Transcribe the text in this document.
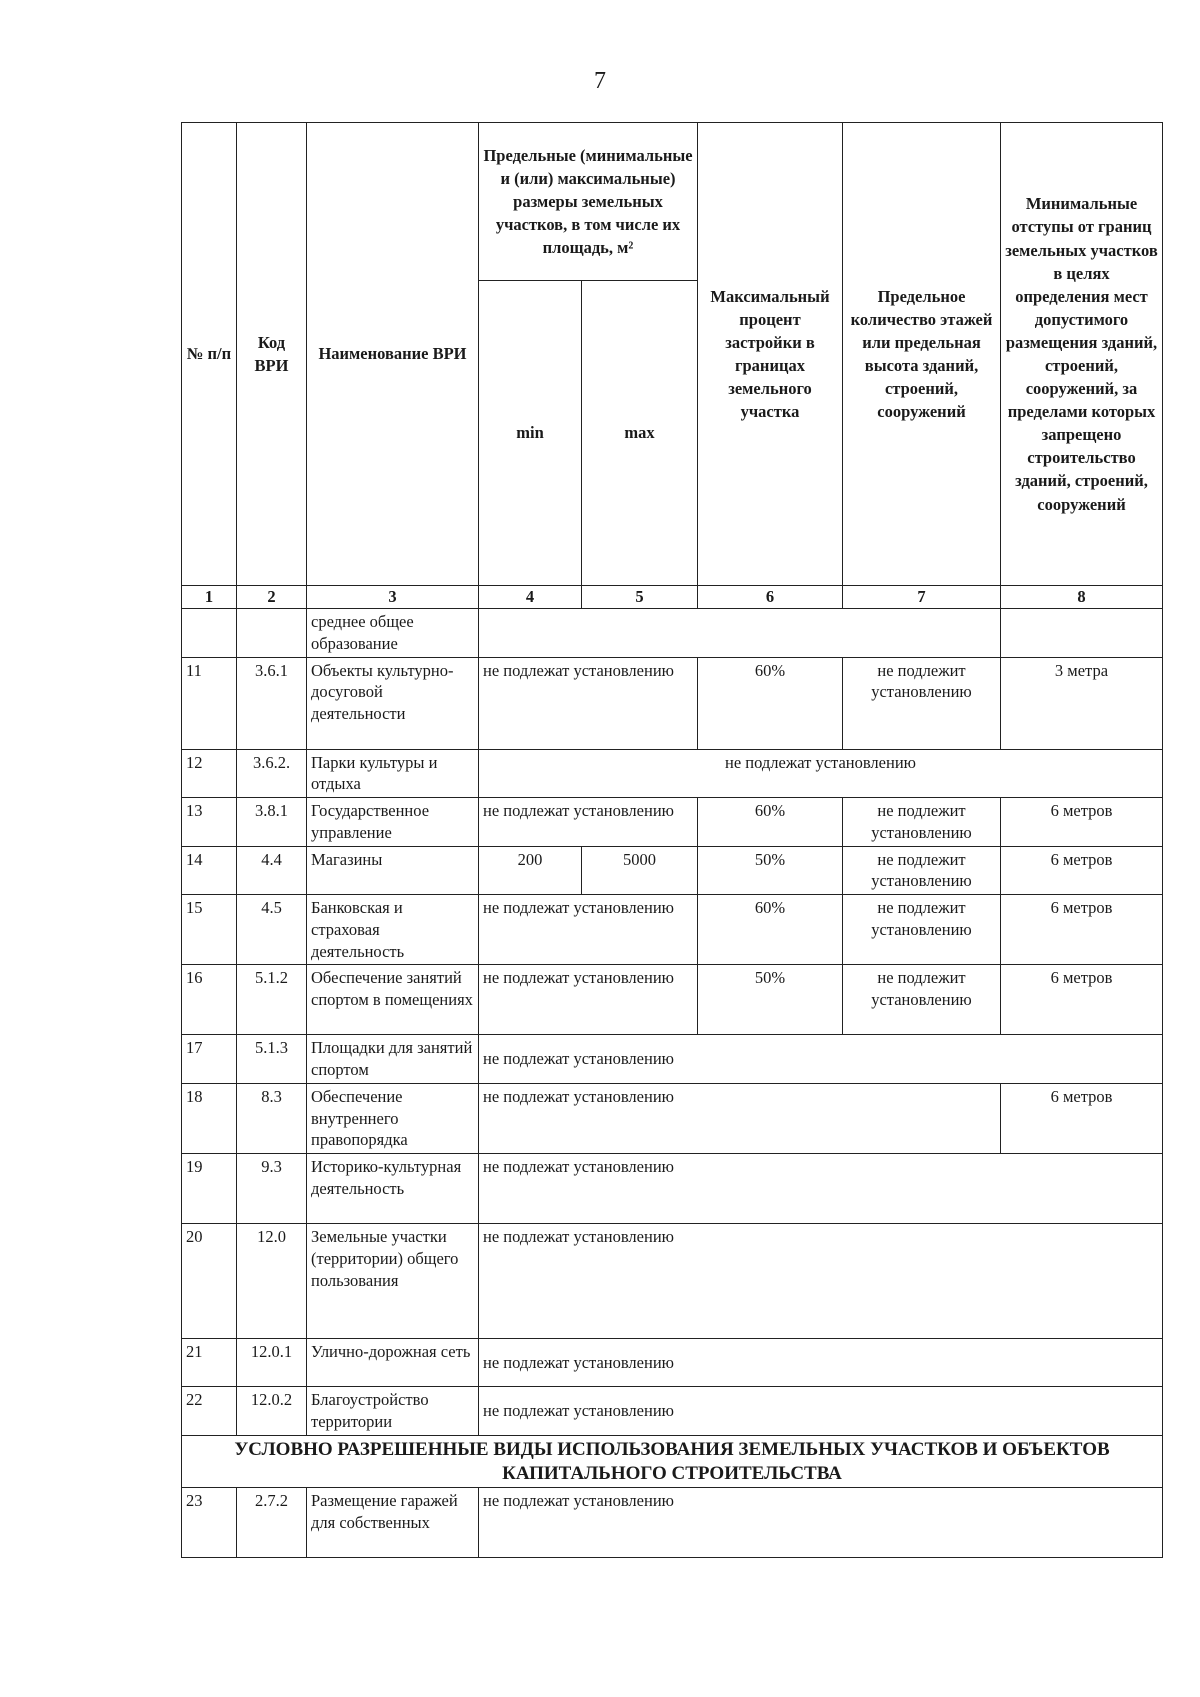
7
№ п/п	Код ВРИ	Наименование ВРИ	Предельные (минимальные и (или) максимальные) размеры земельных участков, в том числе их площадь, м²		Максимальный процент застройки в границах земельного участка	Предельное количество этажей или предельная высота зданий, строений, сооружений	Минимальные отступы от границ земельных участков в целях определения мест допустимого размещения зданий, строений, сооружений, за пределами которых запрещено строительство зданий, строений, сооружений
			min	max			
1	2	3	4	5	6	7	8
		среднее общее образование					
11	3.6.1	Объекты культурно-досуговой деятельности	не подлежат установлению		60%	не подлежит установлению	3 метра
12	3.6.2.	Парки культуры и отдыха	не подлежат установлению				
13	3.8.1	Государственное управление	не подлежат установлению		60%	не подлежит установлению	6 метров
14	4.4	Магазины	200	5000	50%	не подлежит установлению	6 метров
15	4.5	Банковская и страховая деятельность	не подлежат установлению		60%	не подлежит установлению	6 метров
16	5.1.2	Обеспечение занятий спортом в помещениях	не подлежат установлению		50%	не подлежит установлению	6 метров
17	5.1.3	Площадки для занятий спортом	не подлежат установлению				
18	8.3	Обеспечение внутреннего правопорядка	не подлежат установлению				6 метров
19	9.3	Историко-культурная деятельность	не подлежат установлению				
20	12.0	Земельные участки (территории) общего пользования	не подлежат установлению				
21	12.0.1	Улично-дорожная сеть	не подлежат установлению				
22	12.0.2	Благоустройство территории	не подлежат установлению				
УСЛОВНО РАЗРЕШЕННЫЕ ВИДЫ ИСПОЛЬЗОВАНИЯ ЗЕМЕЛЬНЫХ УЧАСТКОВ И ОБЪЕКТОВ КАПИТАЛЬНОГО СТРОИТЕЛЬСТВА							
23	2.7.2	Размещение гаражей для собственных	не подлежат установлению				
